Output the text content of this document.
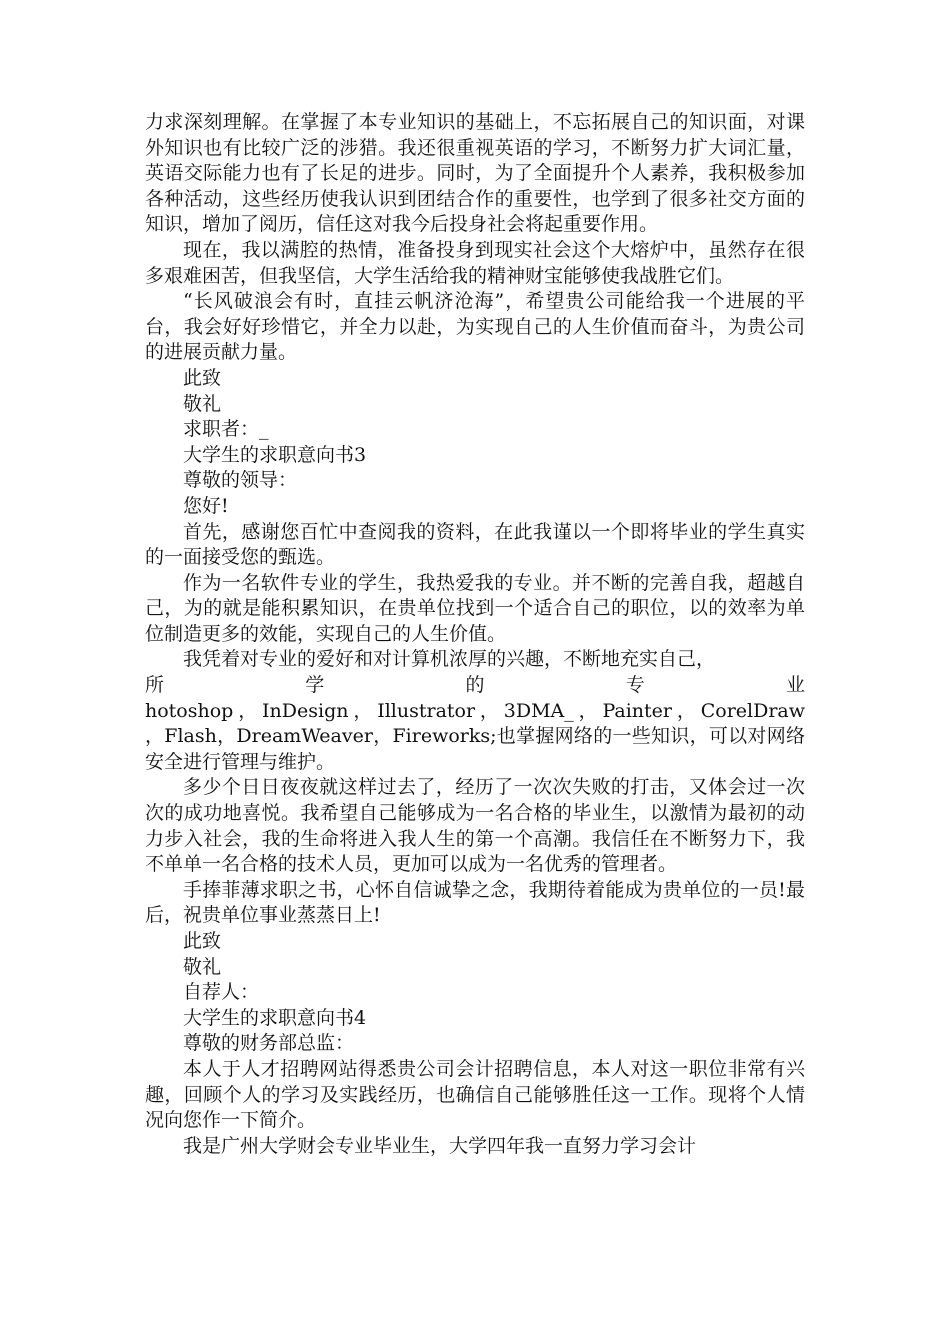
力求深刻理解。在掌握了本专业知识的基础上，不忘拓展自己的知识面，对课外知识也有比较广泛的涉猎。我还很重视英语的学习，不断努力扩大词汇量，英语交际能力也有了长足的进步。同时，为了全面提升个人素养，我积极参加各种活动，这些经历使我认识到团结合作的重要性，也学到了很多社交方面的知识，增加了阅历，信任这对我今后投身社会将起重要作用。

现在，我以满腔的热情，准备投身到现实社会这个大熔炉中，虽然存在很多艰难困苦，但我坚信，大学生活给我的精神财宝能够使我战胜它们。

“长风破浪会有时，直挂云帆济沧海”，希望贵公司能给我一个进展的平台，我会好好珍惜它，并全力以赴，为实现自己的人生价值而奋斗，为贵公司的进展贡献力量。

此致

敬礼

求职者：_

大学生的求职意向书3

尊敬的领导：

您好!

首先，感谢您百忙中查阅我的资料，在此我谨以一个即将毕业的学生真实的一面接受您的甄选。

作为一名软件专业的学生，我热爱我的专业。并不断的完善自我，超越自己，为的就是能积累知识，在贵单位找到一个适合自己的职位，以的效率为单位制造更多的效能，实现自己的人生价值。

我凭着对专业的爱好和对计算机浓厚的兴趣，不断地充实自己，

所 学 的 专 业

hotoshop，InDesign，Illustrator，3DMA_，Painter，CorelDraw

，Flash，DreamWeaver，Fireworks;也掌握网络的一些知识，可以对网络安全进行管理与维护。

多少个日日夜夜就这样过去了，经历了一次次失败的打击，又体会过一次次的成功地喜悦。我希望自己能够成为一名合格的毕业生，以激情为最初的动力步入社会，我的生命将进入我人生的第一个高潮。我信任在不断努力下，我不单单一名合格的技术人员，更加可以成为一名优秀的管理者。

手捧菲薄求职之书，心怀自信诚挚之念，我期待着能成为贵单位的一员!最后，祝贵单位事业蒸蒸日上!

此致

敬礼

自荐人：

大学生的求职意向书4

尊敬的财务部总监：

本人于人才招聘网站得悉贵公司会计招聘信息，本人对这一职位非常有兴趣，回顾个人的学习及实践经历，也确信自己能够胜任这一工作。现将个人情况向您作一下简介。

我是广州大学财会专业毕业生，大学四年我一直努力学习会计
